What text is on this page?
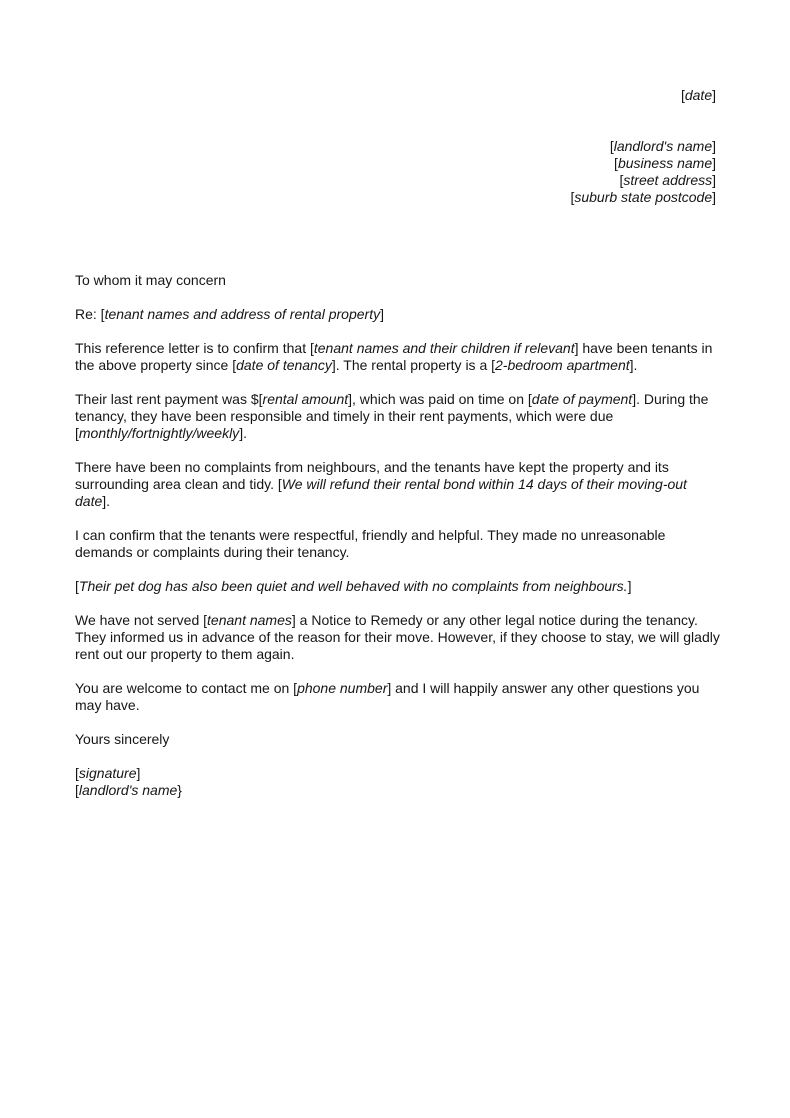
[date]
[landlord's name]
[business name]
[street address]
[suburb state postcode]

To whom it may concern

Re: [tenant names and address of rental property]

This reference letter is to confirm that [tenant names and their children if relevant] have been tenants in the above property since [date of tenancy]. The rental property is a [2-bedroom apartment].

Their last rent payment was $[rental amount], which was paid on time on [date of payment]. During the tenancy, they have been responsible and timely in their rent payments, which were due [monthly/fortnightly/weekly].

There have been no complaints from neighbours, and the tenants have kept the property and its surrounding area clean and tidy. [We will refund their rental bond within 14 days of their moving-out date].

I can confirm that the tenants were respectful, friendly and helpful. They made no unreasonable demands or complaints during their tenancy.

[Their pet dog has also been quiet and well behaved with no complaints from neighbours.]

We have not served [tenant names] a Notice to Remedy or any other legal notice during the tenancy. They informed us in advance of the reason for their move. However, if they choose to stay, we will gladly rent out our property to them again.

You are welcome to contact me on [phone number] and I will happily answer any other questions you may have.

Yours sincerely

[signature]
[landlord's name}
